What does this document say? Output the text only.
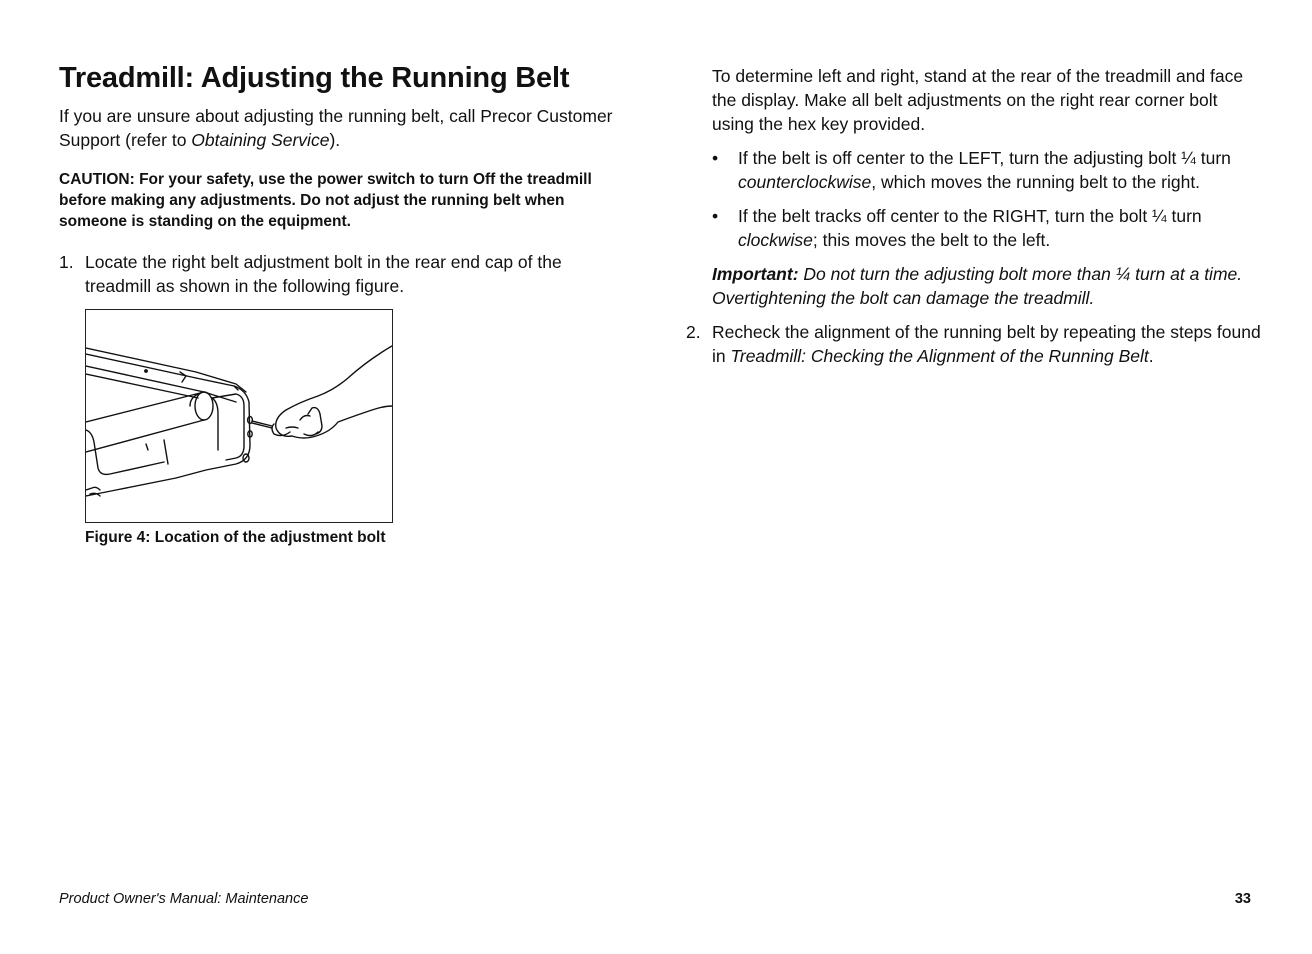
Treadmill: Adjusting the Running Belt

If you are unsure about adjusting the running belt, call Precor Customer Support (refer to Obtaining Service).

CAUTION: For your safety, use the power switch to turn Off the treadmill before making any adjustments. Do not adjust the running belt when someone is standing on the equipment.

1. Locate the right belt adjustment bolt in the rear end cap of the treadmill as shown in the following figure.
Figure 4: Location of the adjustment bolt

To determine left and right, stand at the rear of the treadmill and face the display. Make all belt adjustments on the right rear corner bolt using the hex key provided.

•	If the belt is off center to the LEFT, turn the adjusting bolt ¼ turn counterclockwise, which moves the running belt to the right.
•	If the belt tracks off center to the RIGHT, turn the bolt ¼ turn clockwise; this moves the belt to the left.

Important: Do not turn the adjusting bolt more than ¼ turn at a time. Overtightening the bolt can damage the treadmill.

2. Recheck the alignment of the running belt by repeating the steps found in Treadmill: Checking the Alignment of the Running Belt.
Product Owner's Manual: Maintenance	33
